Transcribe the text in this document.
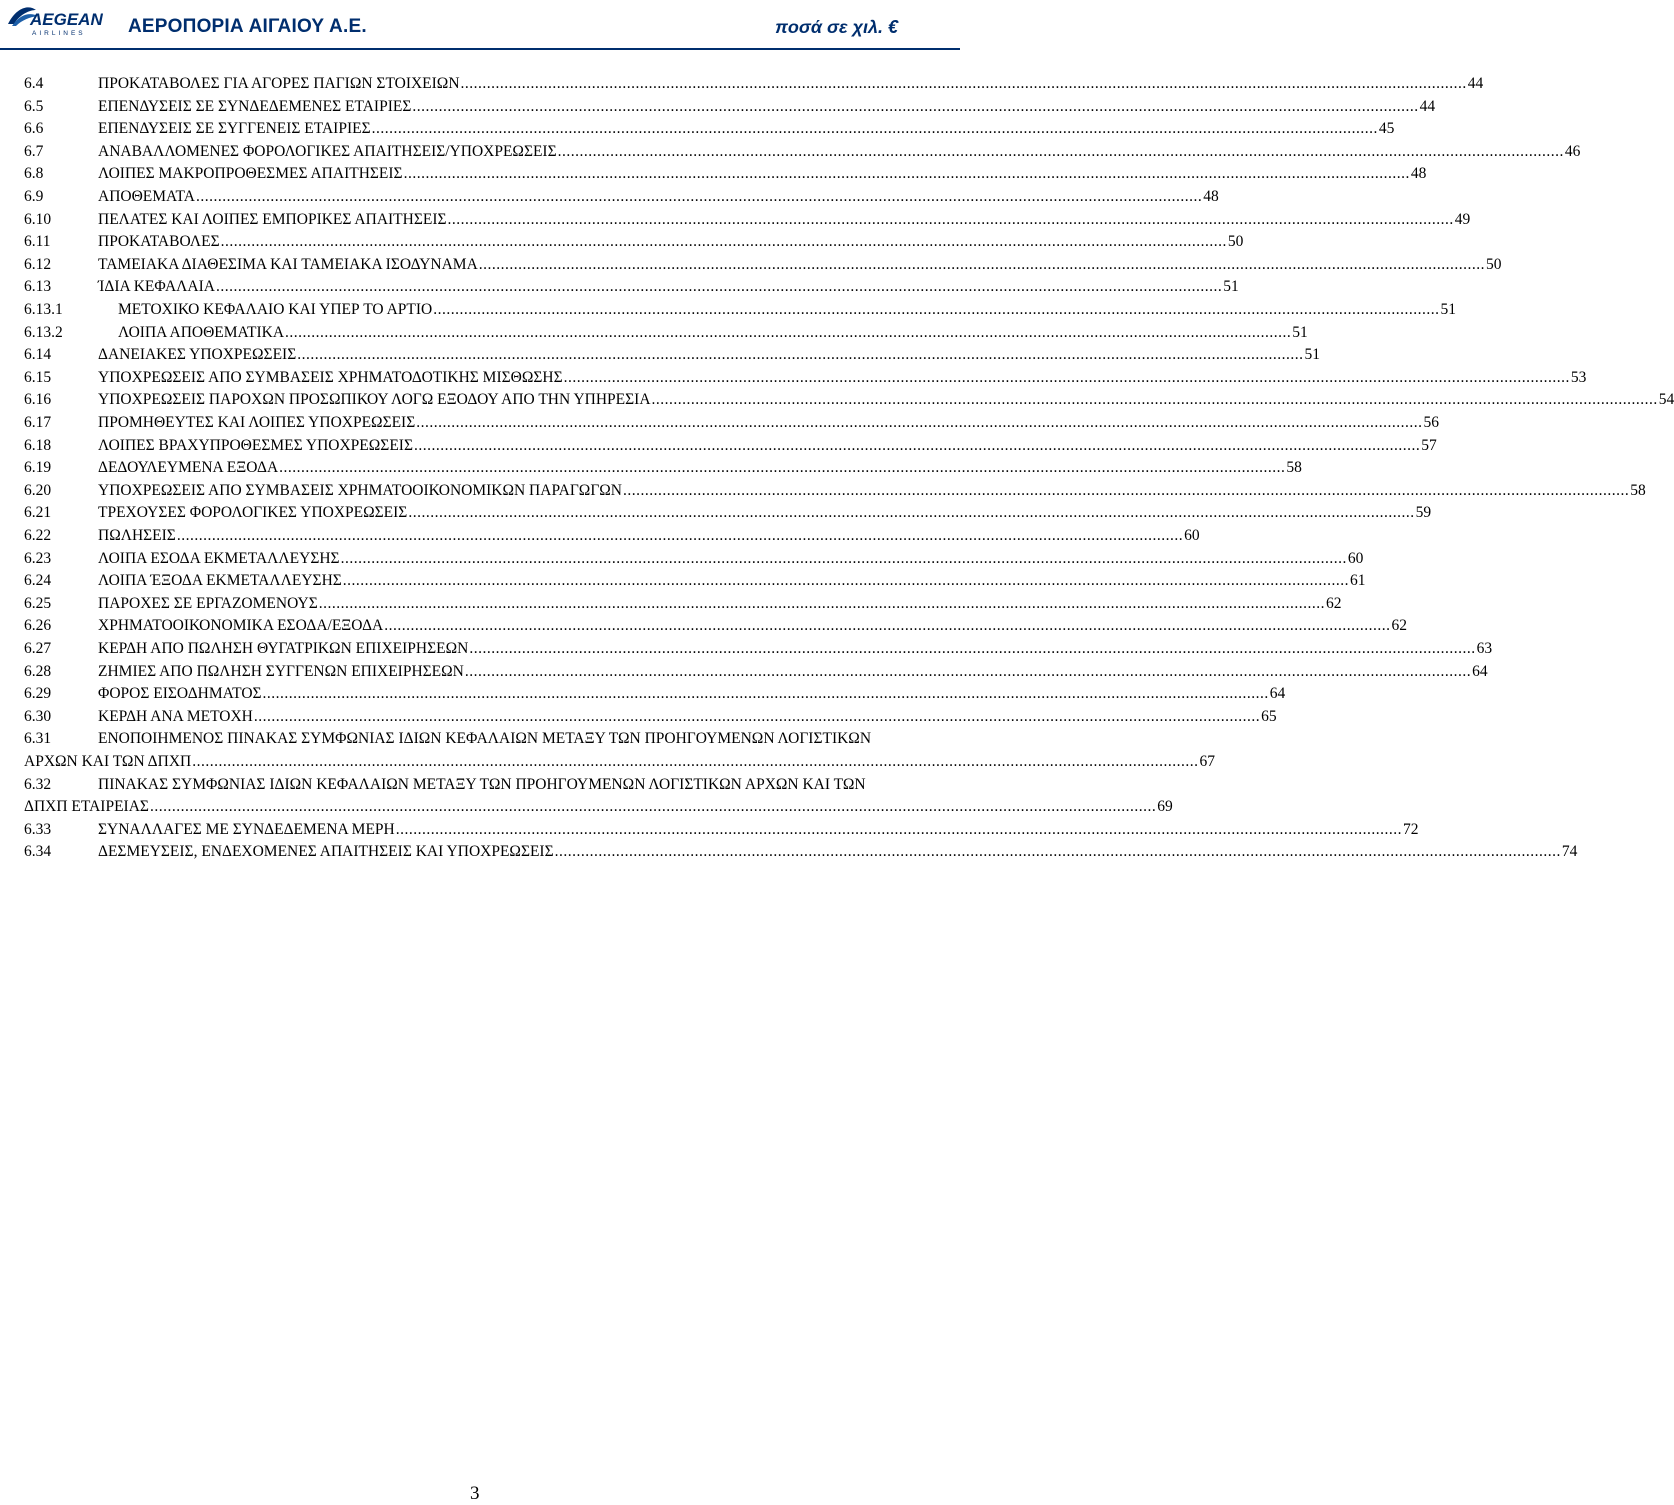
AEGEAN
AIRLINES ΑΕΡΟΠΟΡΙΑ ΑΙΓΑΙΟΥ Α.Ε.	ποσά σε χιλ. €
6.4	ΠΡΟΚΑΤΑΒΟΛΕΣ ΓΙΑ ΑΓΟΡΕΣ ΠΑΓΙΩΝ ΣΤΟΙΧΕΙΩΝ .....	44
6.5	ΕΠΕΝΔΥΣΕΙΣ ΣΕ ΣΥΝΔΕΔΕΜΕΝΕΣ ΕΤΑΙΡΙΕΣ .....	44
6.6	ΕΠΕΝΔΥΣΕΙΣ ΣΕ ΣΥΓΓΕΝΕΙΣ ΕΤΑΙΡΙΕΣ .....	45
6.7	ΑΝΑΒΑΛΛΟΜΕΝΕΣ ΦΟΡΟΛΟΓΙΚΕΣ ΑΠΑΙΤΗΣΕΙΣ/ΥΠΟΧΡΕΩΣΕΙΣ .....	46
6.8	ΛΟΙΠΕΣ ΜΑΚΡΟΠΡΟΘΕΣΜΕΣ ΑΠΑΙΤΗΣΕΙΣ .....	48
6.9	ΑΠΟΘΕΜΑΤΑ .....	48
6.10	ΠΕΛΑΤΕΣ ΚΑΙ ΛΟΙΠΕΣ ΕΜΠΟΡΙΚΕΣ ΑΠΑΙΤΗΣΕΙΣ .....	49
6.11	ΠΡΟΚΑΤΑΒΟΛΕΣ .....	50
6.12	ΤΑΜΕΙΑΚΑ ΔΙΑΘΕΣΙΜΑ ΚΑΙ ΤΑΜΕΙΑΚΑ ΙΣΟΔΥΝΑΜΑ .....	50
6.13	ΊΔΙΑ ΚΕΦΑΛΑΙΑ .....	51
6.13.1	ΜΕΤΟΧΙΚΟ ΚΕΦΑΛΑΙΟ ΚΑΙ ΥΠΕΡ ΤΟ ΑΡΤΙΟ .....	51
6.13.2	ΛΟΙΠΑ ΑΠΟΘΕΜΑΤΙΚΑ .....	51
6.14	ΔΑΝΕΙΑΚΕΣ ΥΠΟΧΡΕΩΣΕΙΣ .....	51
6.15	ΥΠΟΧΡΕΩΣΕΙΣ ΑΠΟ ΣΥΜΒΑΣΕΙΣ ΧΡΗΜΑΤΟΔΟΤΙΚΗΣ ΜΙΣΘΩΣΗΣ .....	53
6.16	ΥΠΟΧΡΕΩΣΕΙΣ ΠΑΡΟΧΩΝ ΠΡΟΣΩΠΙΚΟΥ ΛΟΓΩ ΕΞΟΔΟΥ ΑΠΟ ΤΗΝ ΥΠΗΡΕΣΙΑ .....	54
6.17	ΠΡΟΜΗΘΕΥΤΕΣ ΚΑΙ ΛΟΙΠΕΣ ΥΠΟΧΡΕΩΣΕΙΣ .....	56
6.18	ΛΟΙΠΕΣ ΒΡΑΧΥΠΡΟΘΕΣΜΕΣ ΥΠΟΧΡΕΩΣΕΙΣ .....	57
6.19	ΔΕΔΟΥΛΕΥΜΕΝΑ ΕΞΟΔΑ .....	58
6.20	ΥΠΟΧΡΕΩΣΕΙΣ ΑΠΟ ΣΥΜΒΑΣΕΙΣ ΧΡΗΜΑΤΟΟΙΚΟΝΟΜΙΚΩΝ ΠΑΡΑΓΩΓΩΝ .....	58
6.21	ΤΡΕΧΟΥΣΕΣ ΦΟΡΟΛΟΓΙΚΕΣ ΥΠΟΧΡΕΩΣΕΙΣ .....	59
6.22	ΠΩΛΗΣΕΙΣ .....	60
6.23	ΛΟΙΠΑ ΕΣΟΔΑ ΕΚΜΕΤΑΛΛΕΥΣΗΣ .....	60
6.24	ΛΟΙΠΑ ΈΞΟΔΑ ΕΚΜΕΤΑΛΛΕΥΣΗΣ .....	61
6.25	ΠΑΡΟΧΕΣ ΣΕ ΕΡΓΑΖΟΜΕΝΟΥΣ .....	62
6.26	ΧΡΗΜΑΤΟΟΙΚΟΝΟΜΙΚΑ ΕΣΟΔΑ/ΕΞΟΔΑ .....	62
6.27	ΚΕΡΔΗ ΑΠΟ ΠΩΛΗΣΗ ΘΥΓΑΤΡΙΚΩΝ ΕΠΙΧΕΙΡΗΣΕΩΝ .....	63
6.28	ΖΗΜΙΕΣ ΑΠΟ ΠΩΛΗΣΗ ΣΥΓΓΕΝΩΝ ΕΠΙΧΕΙΡΗΣΕΩΝ .....	64
6.29	ΦΟΡΟΣ ΕΙΣΟΔΗΜΑΤΟΣ .....	64
6.30	ΚΕΡΔΗ ΑΝΑ ΜΕΤΟΧΗ .....	65
6.31	ΕΝΟΠΟΙΗΜΕΝΟΣ ΠΙΝΑΚΑΣ ΣΥΜΦΩΝΙΑΣ ΙΔΙΩΝ ΚΕΦΑΛΑΙΩΝ ΜΕΤΑΞΥ ΤΩΝ ΠΡΟΗΓΟΥΜΕΝΩΝ ΛΟΓΙΣΤΙΚΩΝ
ΑΡΧΩΝ ΚΑΙ ΤΩΝ ΔΠΧΠ .....	67
6.32	ΠΙΝΑΚΑΣ ΣΥΜΦΩΝΙΑΣ ΙΔΙΩΝ ΚΕΦΑΛΑΙΩΝ ΜΕΤΑΞΥ ΤΩΝ ΠΡΟΗΓΟΥΜΕΝΩΝ ΛΟΓΙΣΤΙΚΩΝ ΑΡΧΩΝ ΚΑΙ ΤΩΝ
ΔΠΧΠ ΕΤΑΙΡΕΙΑΣ .....	69
6.33	ΣΥΝΑΛΛΑΓΕΣ ΜΕ ΣΥΝΔΕΔΕΜΕΝΑ ΜΕΡΗ .....	72
6.34	ΔΕΣΜΕΥΣΕΙΣ, ΕΝΔΕΧΟΜΕΝΕΣ ΑΠΑΙΤΗΣΕΙΣ ΚΑΙ ΥΠΟΧΡΕΩΣΕΙΣ .....	74
3
